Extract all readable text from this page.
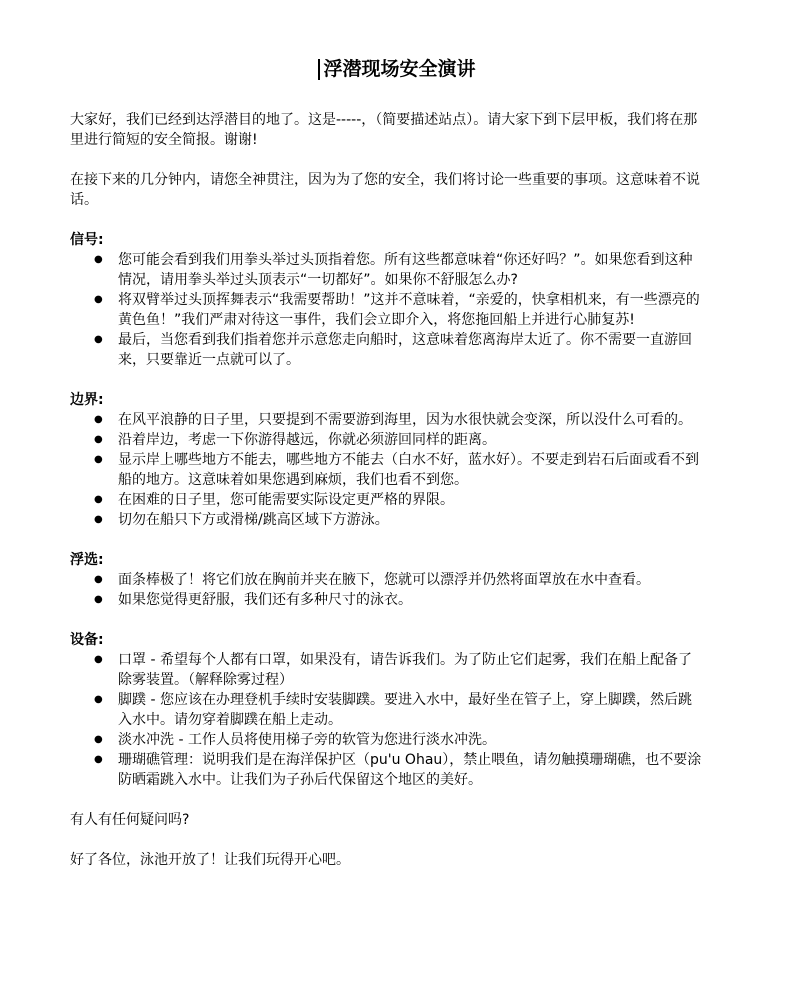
浮潜现场安全演讲

大家好，我们已经到达浮潜目的地了。这是-----，（简要描述站点）。请大家下到下层甲板，我们将在那里进行简短的安全简报。谢谢!

在接下来的几分钟内，请您全神贯注，因为为了您的安全，我们将讨论一些重要的事项。这意味着不说话。

信号:

● 您可能会看到我们用拳头举过头顶指着您。所有这些都意味着“你还好吗？”。如果您看到这种情况，请用拳头举过头顶表示“一切都好”。如果你不舒服怎么办?
● 将双臂举过头顶挥舞表示“我需要帮助！”这并不意味着，“亲爱的，快拿相机来，有一些漂亮的黄色鱼！”我们严肃对待这一事件，我们会立即介入，将您拖回船上并进行心肺复苏!
● 最后，当您看到我们指着您并示意您走向船时，这意味着您离海岸太近了。你不需要一直游回来，只要靠近一点就可以了。

边界:

● 在风平浪静的日子里，只要提到不需要游到海里，因为水很快就会变深，所以没什么可看的。
● 沿着岸边，考虑一下你游得越远，你就必须游回同样的距离。
● 显示岸上哪些地方不能去，哪些地方不能去（白水不好，蓝水好）。不要走到岩石后面或看不到船的地方。这意味着如果您遇到麻烦，我们也看不到您。
● 在困难的日子里，您可能需要实际设定更严格的界限。
● 切勿在船只下方或滑梯/跳高区域下方游泳。

浮选:

● 面条棒极了！将它们放在胸前并夹在腋下，您就可以漂浮并仍然将面罩放在水中查看。
● 如果您觉得更舒服，我们还有多种尺寸的泳衣。

设备:

● 口罩 - 希望每个人都有口罩，如果没有，请告诉我们。为了防止它们起雾，我们在船上配备了除雾装置。（解释除雾过程）
● 脚蹼 - 您应该在办理登机手续时安装脚蹼。要进入水中，最好坐在管子上，穿上脚蹼，然后跳入水中。请勿穿着脚蹼在船上走动。
● 淡水冲洗 - 工作人员将使用梯子旁的软管为您进行淡水冲洗。
● 珊瑚礁管理：说明我们是在海洋保护区（pu'u Ohau），禁止喂鱼，请勿触摸珊瑚礁，也不要涂防晒霜跳入水中。让我们为子孙后代保留这个地区的美好。

有人有任何疑问吗?

好了各位，泳池开放了！让我们玩得开心吧。
